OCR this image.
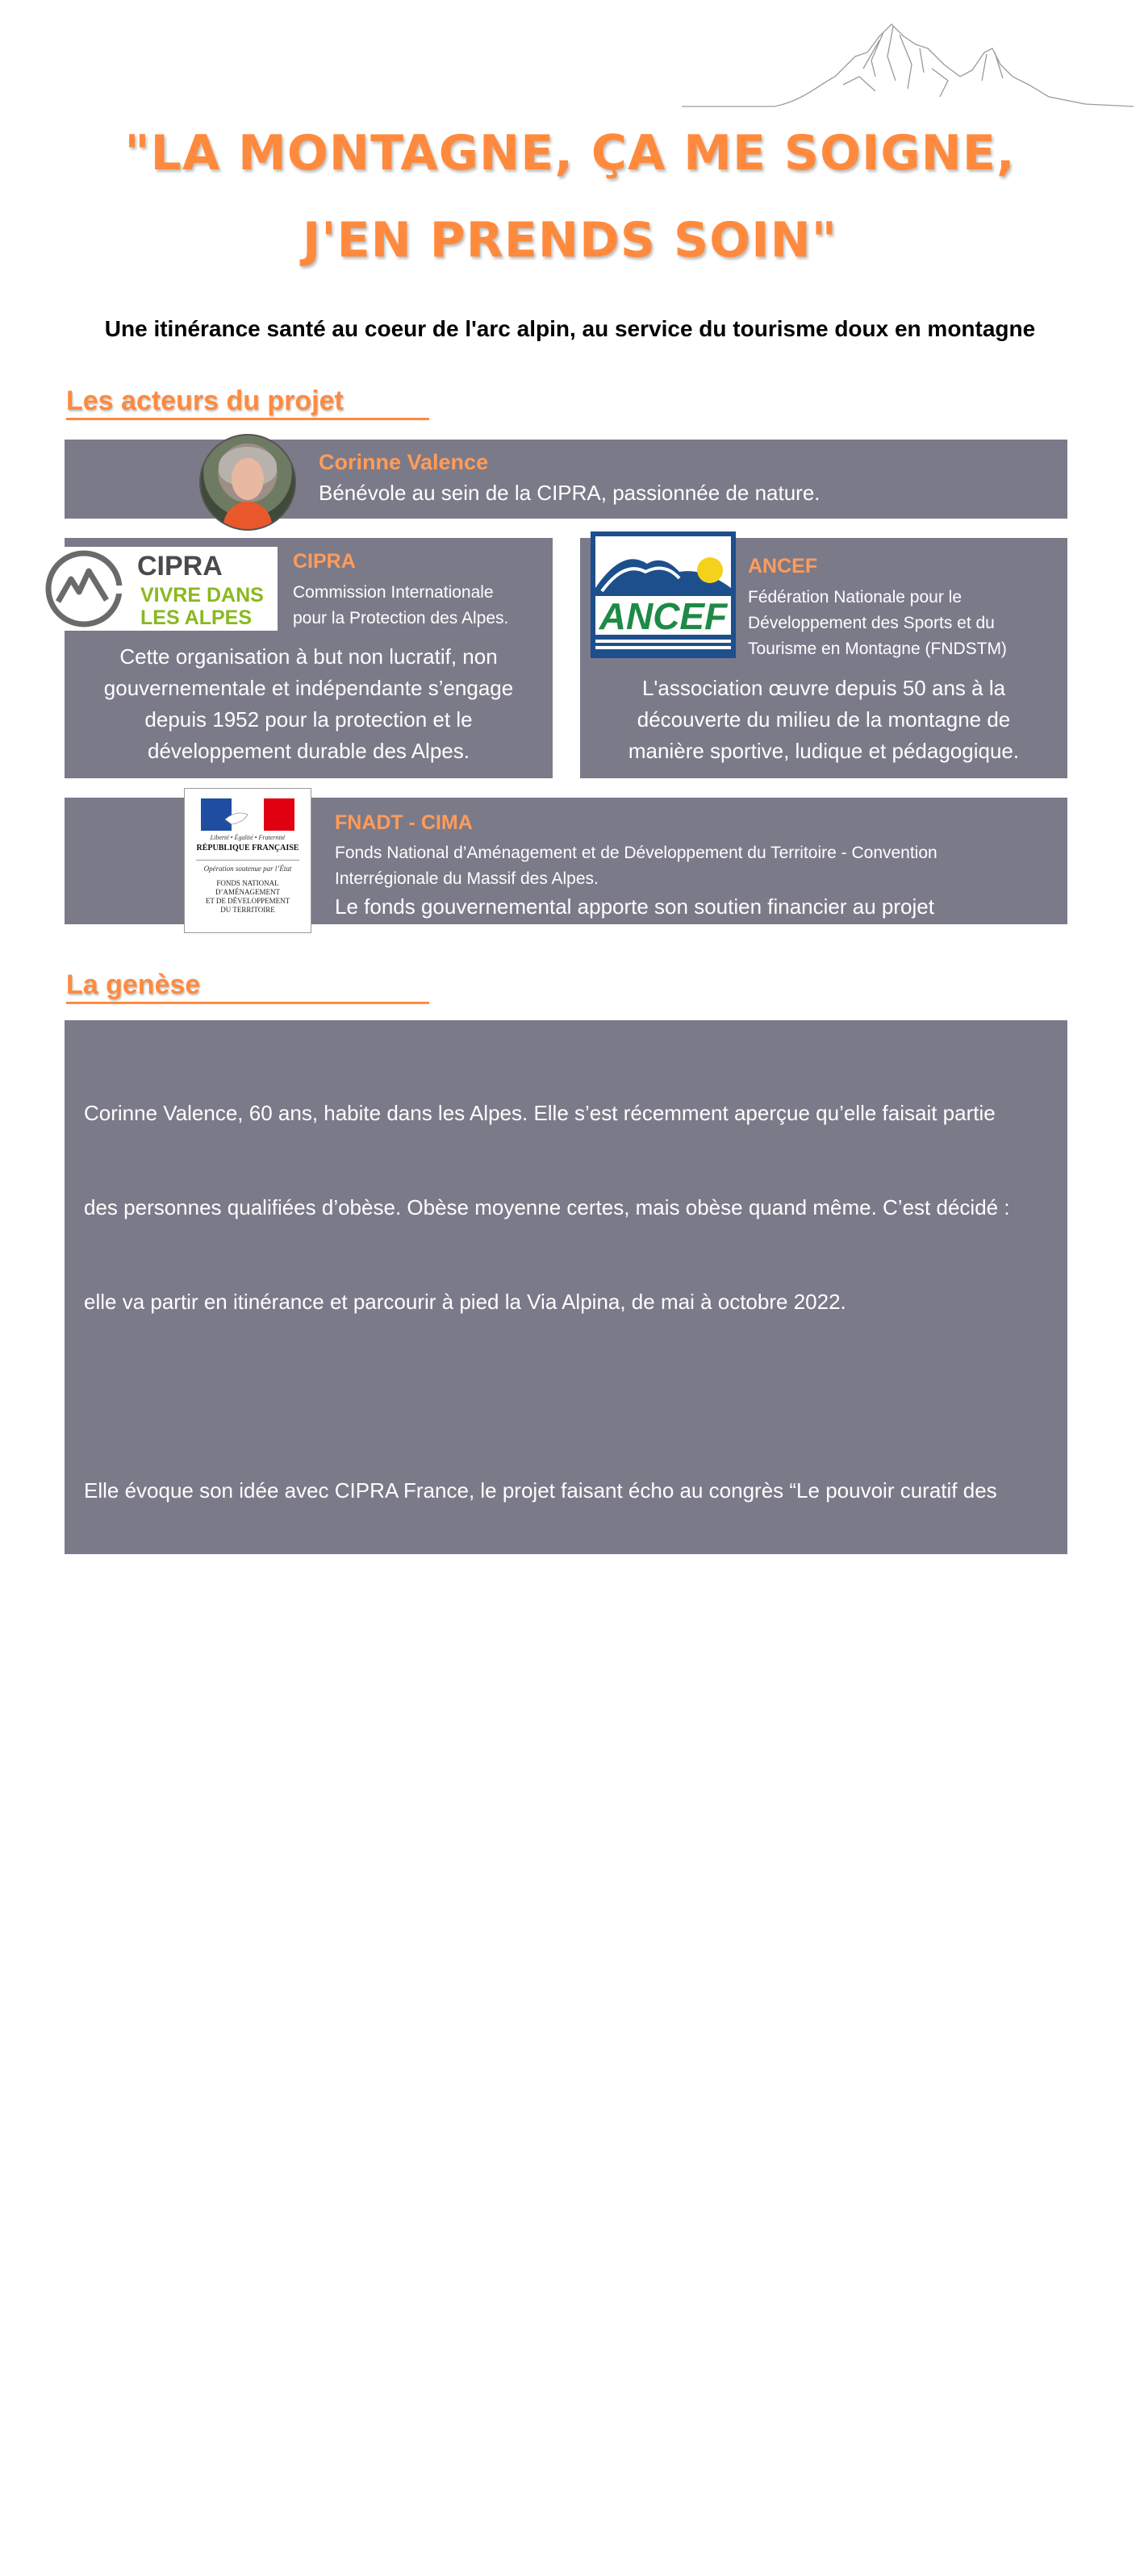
"LA MONTAGNE, ÇA ME SOIGNE,
J'EN PRENDS SOIN"
Une itinérance santé au coeur de l'arc alpin, au service du tourisme doux en montagne
Les acteurs du projet
Corinne Valence
Bénévole au sein de la CIPRA, passionnée de nature.
CIPRA
VIVRE DANS
LES ALPES
CIPRA
Commission Internationale
pour la Protection des Alpes.
Cette organisation à but non lucratif, non
gouvernementale et indépendante s’engage
depuis 1952 pour la protection et le
développement durable des Alpes.
ANCEF
ANCEF
Fédération Nationale pour le
Développement des Sports et du
Tourisme en Montagne (FNDSTM)
L'association œuvre depuis 50 ans à la
découverte du milieu de la montagne de
manière sportive, ludique et pédagogique.
Liberté • Égalité • Fraternité
RÉPUBLIQUE FRANÇAISE
Opération soutenue par l’État
FONDS NATIONAL
D’AMÉNAGEMENT
ET DE DÉVELOPPEMENT
DU TERRITOIRE
FNADT - CIMA
Fonds National d’Aménagement et de Développement du Territoire - Convention
Interrégionale du Massif des Alpes.
Le fonds gouvernemental apporte son soutien financier au projet
La genèse

Corinne Valence, 60 ans, habite dans les Alpes. Elle s’est récemment aperçue qu’elle faisait partie

des personnes qualifiées d’obèse. Obèse moyenne certes, mais obèse quand même. C’est décidé :

elle va partir en itinérance et parcourir à pied la Via Alpina, de mai à octobre 2022.

Elle évoque son idée avec CIPRA France, le projet faisant écho au congrès “Le pouvoir curatif des

Alpes” que la CIPRA a animé avec le réseau Alliance dans les Alpes.

De son côté, l’ANCEF souhaite développer le concept de slow-tourisme. Elle a aussi pour volonté

de promouvoir la diversification touristique et économique « 4 saisons », ainsi que la transition

écologique dans son offre touristique de séjours tout compris de sports de nature en montagne.

La rencontre et la concertation de ces acteurs fait naître la volonté de mener des actions

concrètes qui s’inscriront  dans le temps, dans une démarche de préservation de l’environnement,

de résilience des territoires et du tourisme vis-à-vis du changement climatique.

Le projet global a débuté en janvier 2022 et se déploie jusqu’en mai 2023.
